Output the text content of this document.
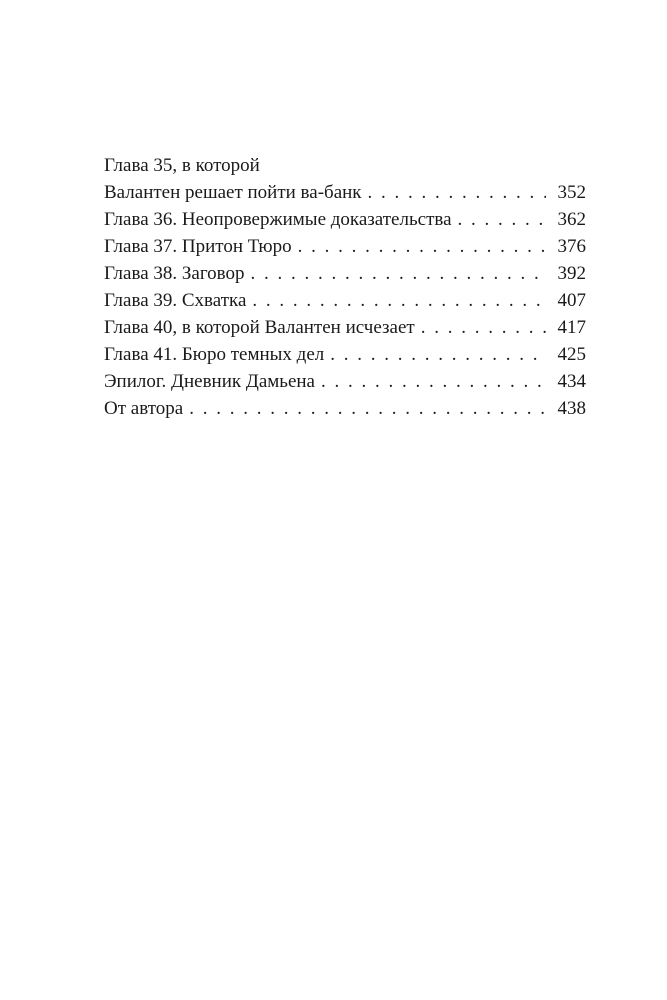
Глава 35, в которой
Валантен решает пойти ва-банк . . .	352
Глава 36. Неопровержимые доказательства . . .	362
Глава 37. Притон Тюро . . .	376
Глава 38. Заговор . . .	392
Глава 39. Схватка . . .	407
Глава 40, в которой Валантен исчезает . . .	417
Глава 41. Бюро темных дел . . .	425
Эпилог. Дневник Дамьена . . .	434
От автора . . .	438
